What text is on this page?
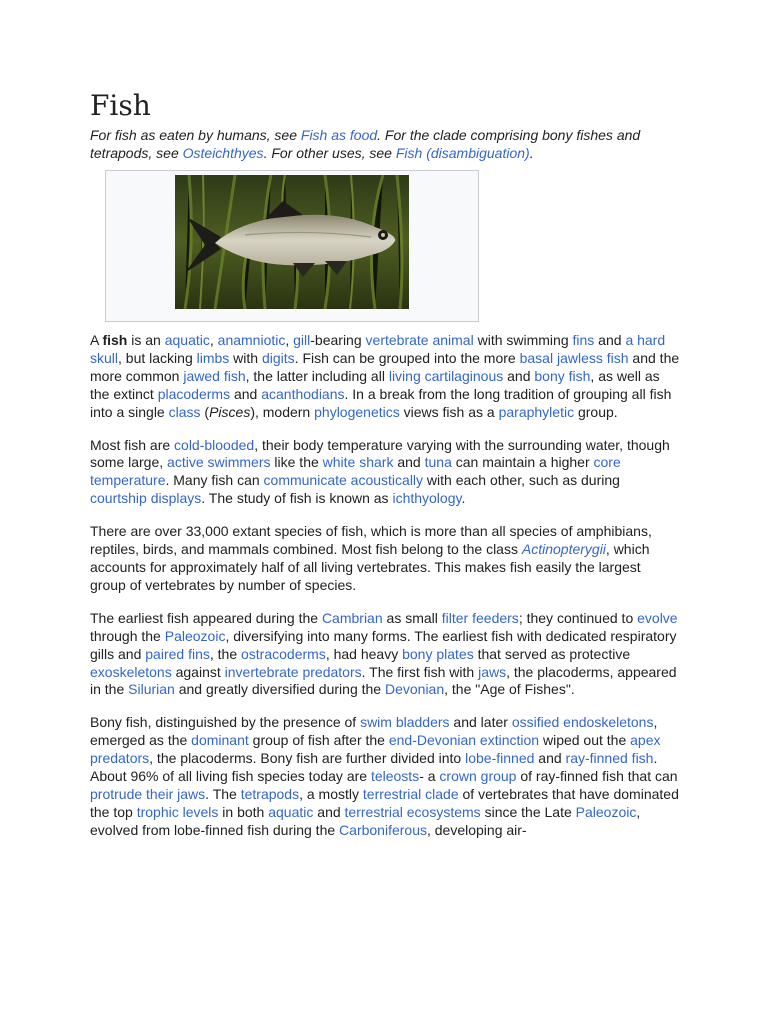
Fish
For fish as eaten by humans, see Fish as food. For the clade comprising bony fishes and tetrapods, see Osteichthyes. For other uses, see Fish (disambiguation).

A fish is an aquatic, anamniotic, gill-bearing vertebrate animal with swimming fins and a hard skull, but lacking limbs with digits. Fish can be grouped into the more basal jawless fish and the more common jawed fish, the latter including all living cartilaginous and bony fish, as well as the extinct placoderms and acanthodians. In a break from the long tradition of grouping all fish into a single class (Pisces), modern phylogenetics views fish as a paraphyletic group.

Most fish are cold-blooded, their body temperature varying with the surrounding water, though some large, active swimmers like the white shark and tuna can maintain a higher core temperature. Many fish can communicate acoustically with each other, such as during courtship displays. The study of fish is known as ichthyology.

There are over 33,000 extant species of fish, which is more than all species of amphibians, reptiles, birds, and mammals combined. Most fish belong to the class Actinopterygii, which accounts for approximately half of all living vertebrates. This makes fish easily the largest group of vertebrates by number of species.

The earliest fish appeared during the Cambrian as small filter feeders; they continued to evolve through the Paleozoic, diversifying into many forms. The earliest fish with dedicated respiratory gills and paired fins, the ostracoderms, had heavy bony plates that served as protective exoskeletons against invertebrate predators. The first fish with jaws, the placoderms, appeared in the Silurian and greatly diversified during the Devonian, the "Age of Fishes".

Bony fish, distinguished by the presence of swim bladders and later ossified endoskeletons, emerged as the dominant group of fish after the end-Devonian extinction wiped out the apex predators, the placoderms. Bony fish are further divided into lobe-finned and ray-finned fish. About 96% of all living fish species today are teleosts- a crown group of ray-finned fish that can protrude their jaws. The tetrapods, a mostly terrestrial clade of vertebrates that have dominated the top trophic levels in both aquatic and terrestrial ecosystems since the Late Paleozoic, evolved from lobe-finned fish during the Carboniferous, developing air-
